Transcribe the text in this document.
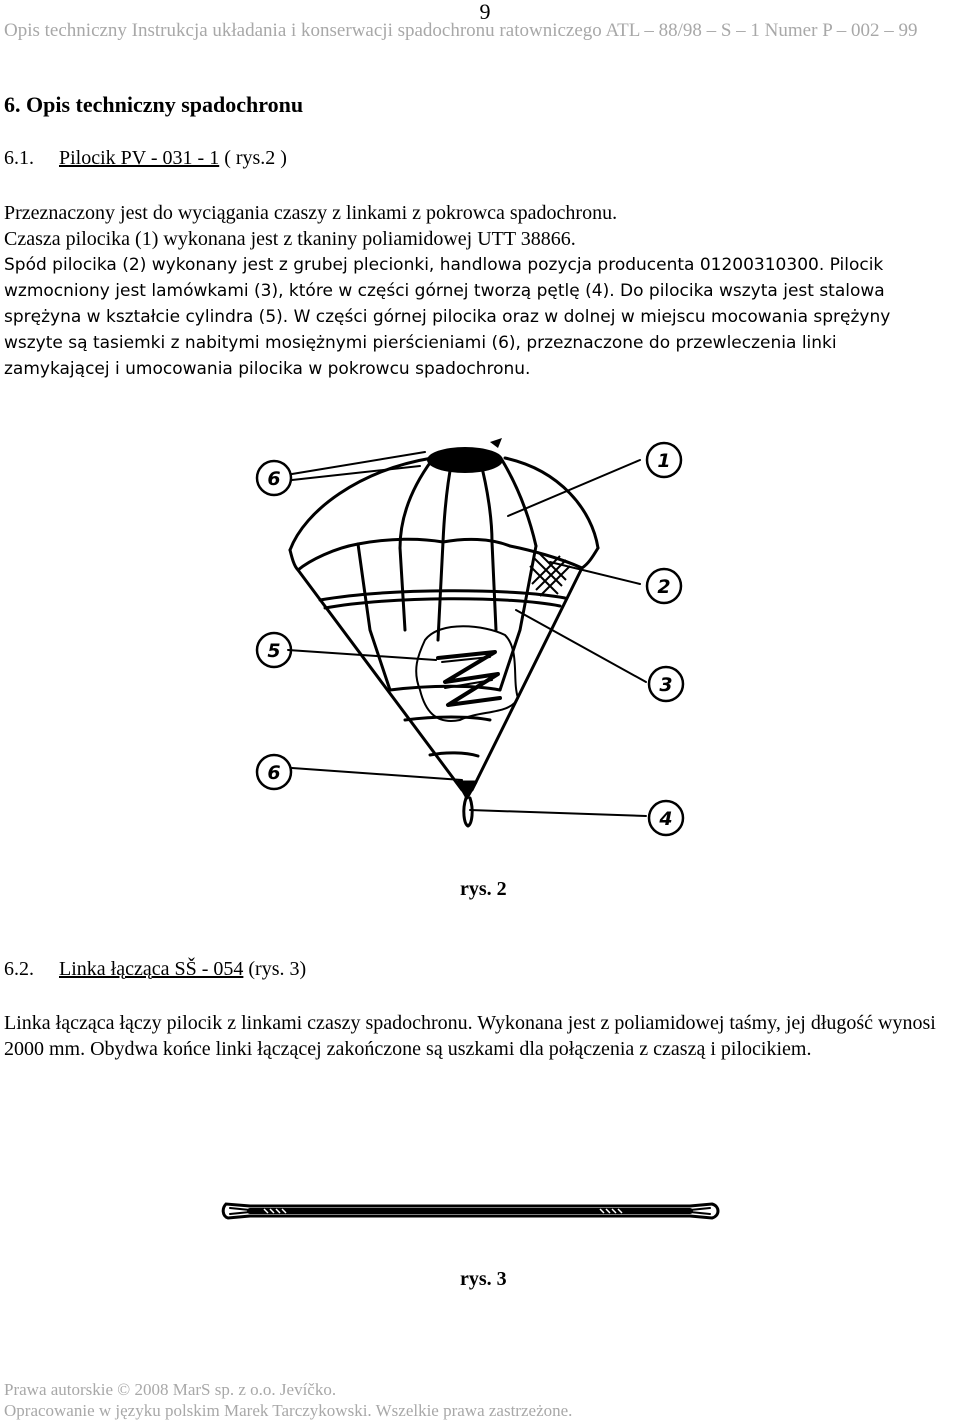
9
Opis techniczny Instrukcja układania i konserwacji spadochronu ratowniczego ATL – 88/98 – S – 1 Numer P – 002 – 99
6. Opis techniczny spadochronu
6.1. Pilocik PV - 031 - 1 ( rys.2 )
Przeznaczony jest do wyciągania czaszy z linkami z pokrowca spadochronu.
Czasza pilocika (1) wykonana jest z tkaniny poliamidowej UTT 38866.
Spód pilocika (2) wykonany jest z grubej plecionki, handlowa pozycja producenta 01200310300. Pilocik
wzmocniony jest lamówkami (3), które w części górnej tworzą pętlę (4). Do pilocika wszyta jest stalowa
sprężyna w kształcie cylindra (5). W części górnej pilocika oraz w dolnej w miejscu mocowania sprężyny
wszyte są tasiemki z nabitymi mosiężnymi pierścieniami (6), przeznaczone do przewleczenia linki
zamykającej i umocowania pilocika w pokrowcu spadochronu.
6
1
2
5
3
6
4
rys. 2
6.2. Linka łącząca SŠ - 054 (rys. 3)
Linka łącząca łączy pilocik z linkami czaszy spadochronu. Wykonana jest z poliamidowej taśmy, jej długość wynosi 2000 mm. Obydwa końce linki łączącej zakończone są uszkami dla połączenia z czaszą i pilocikiem.
rys. 3
Prawa autorskie © 2008 MarS sp. z o.o. Jevíčko.
Opracowanie w języku polskim Marek Tarczykowski. Wszelkie prawa zastrzeżone.
